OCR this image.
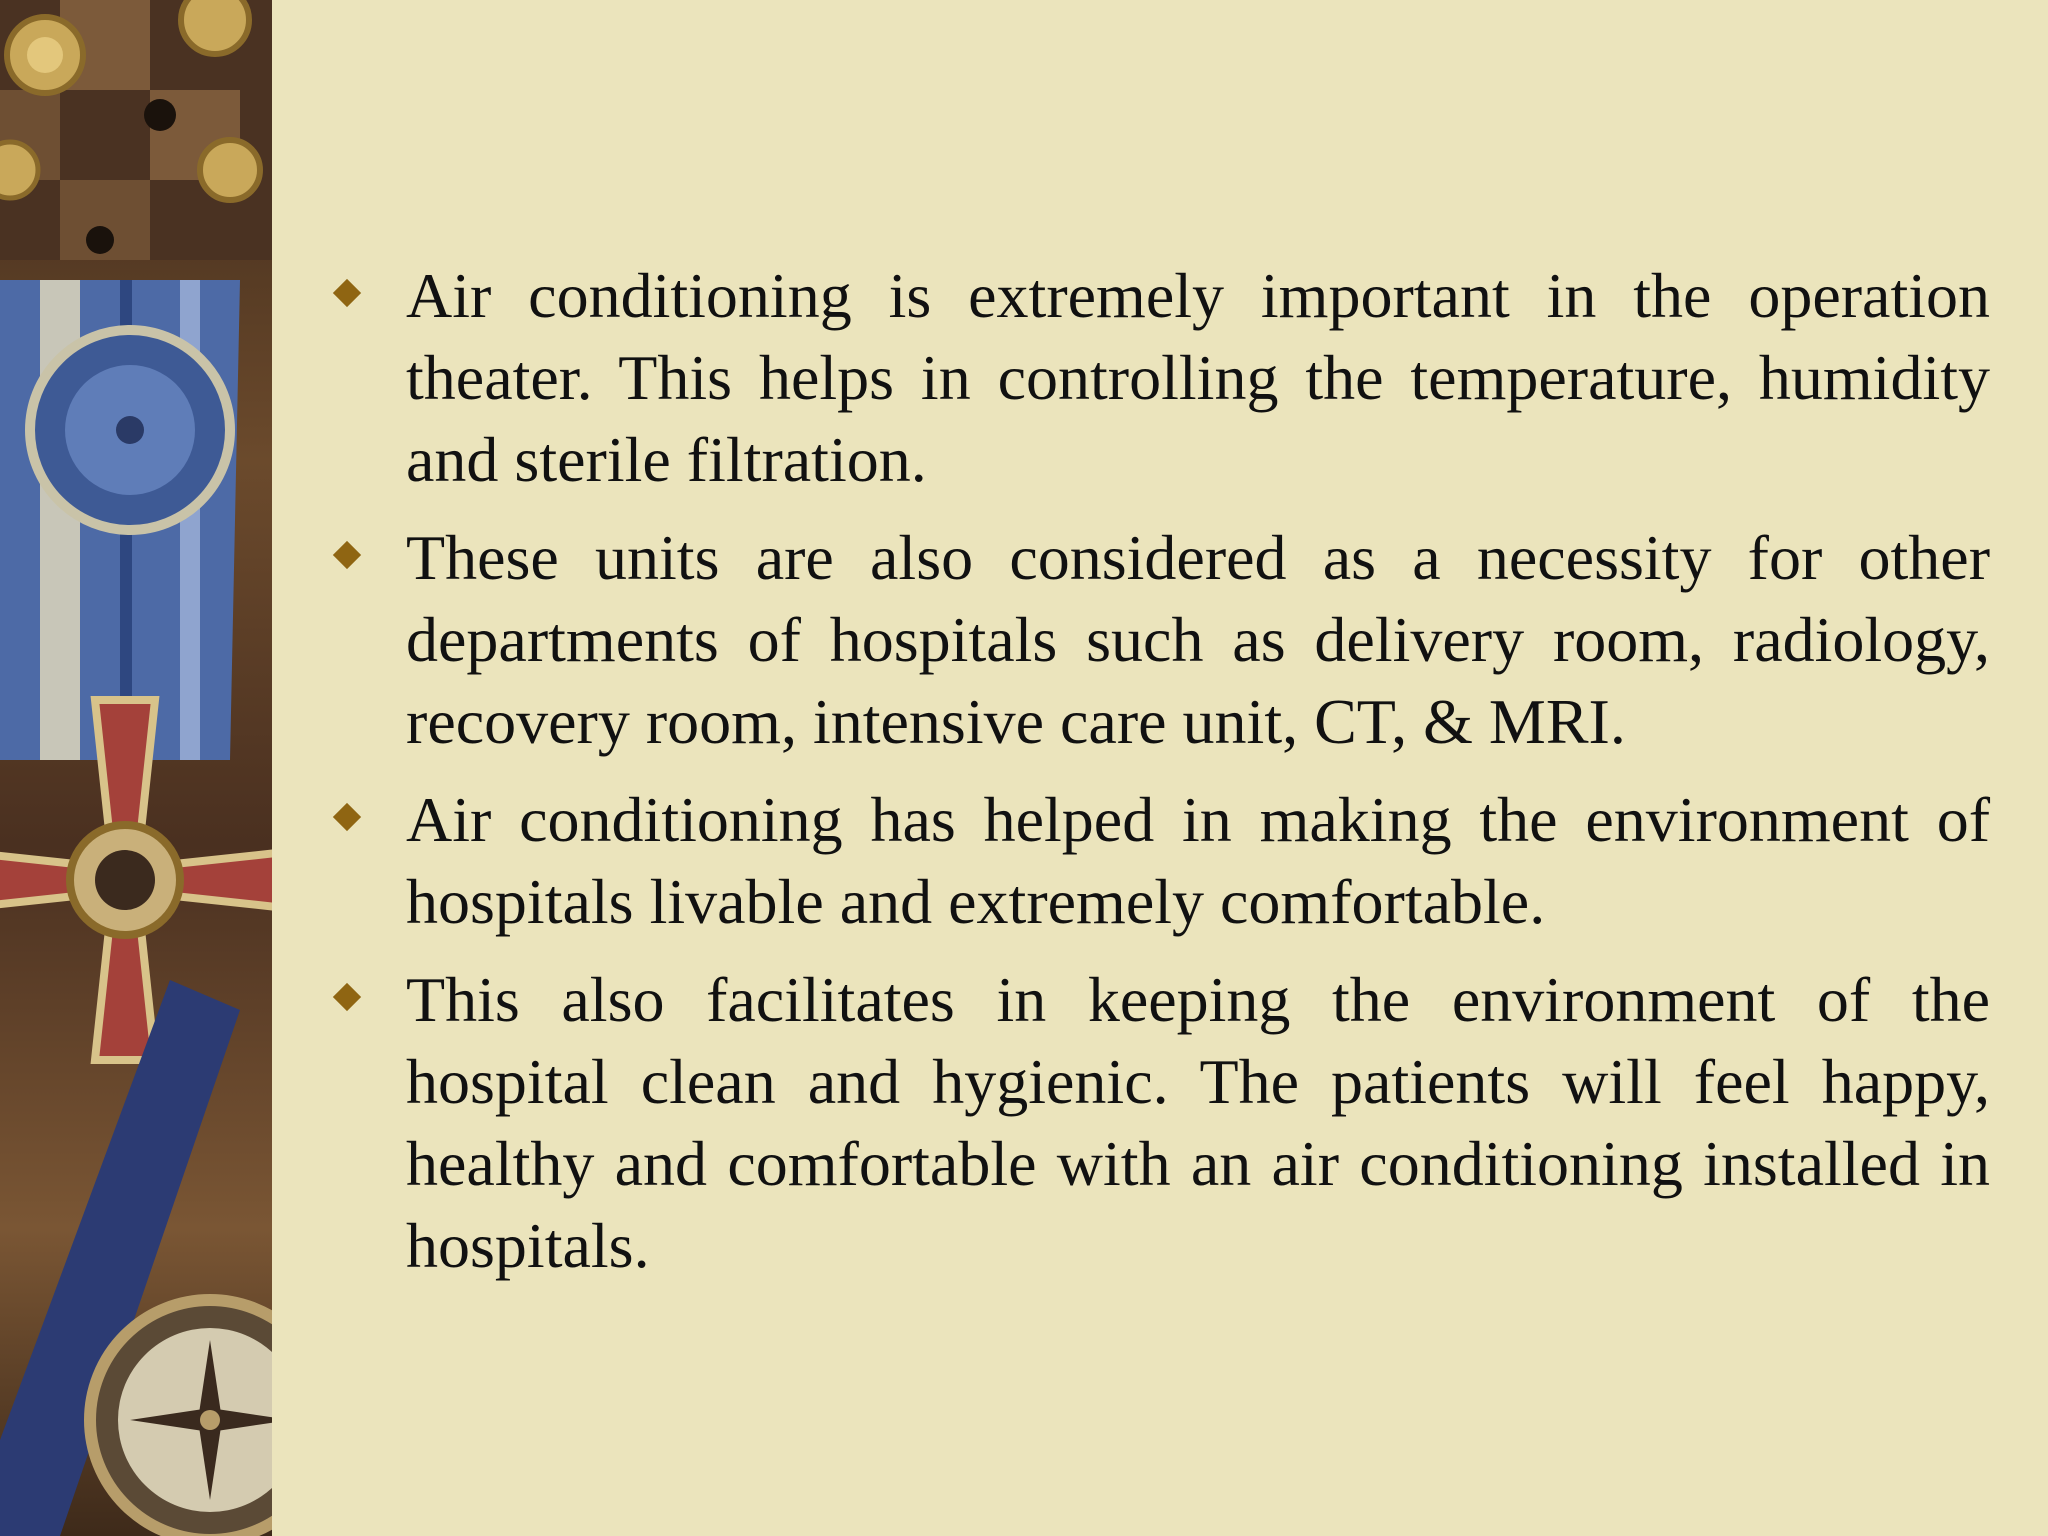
Air conditioning is extremely important in the operation theater. This helps in controlling the temperature, humidity and sterile filtration.
These units are also considered as a necessity for other departments of hospitals such as delivery room, radiology, recovery room, intensive care unit, CT, & MRI.
Air conditioning has helped in making the environment of hospitals livable and extremely comfortable.
This also facilitates in keeping the environment of the hospital clean and hygienic. The patients will feel happy, healthy and comfortable with an air conditioning installed in hospitals.
